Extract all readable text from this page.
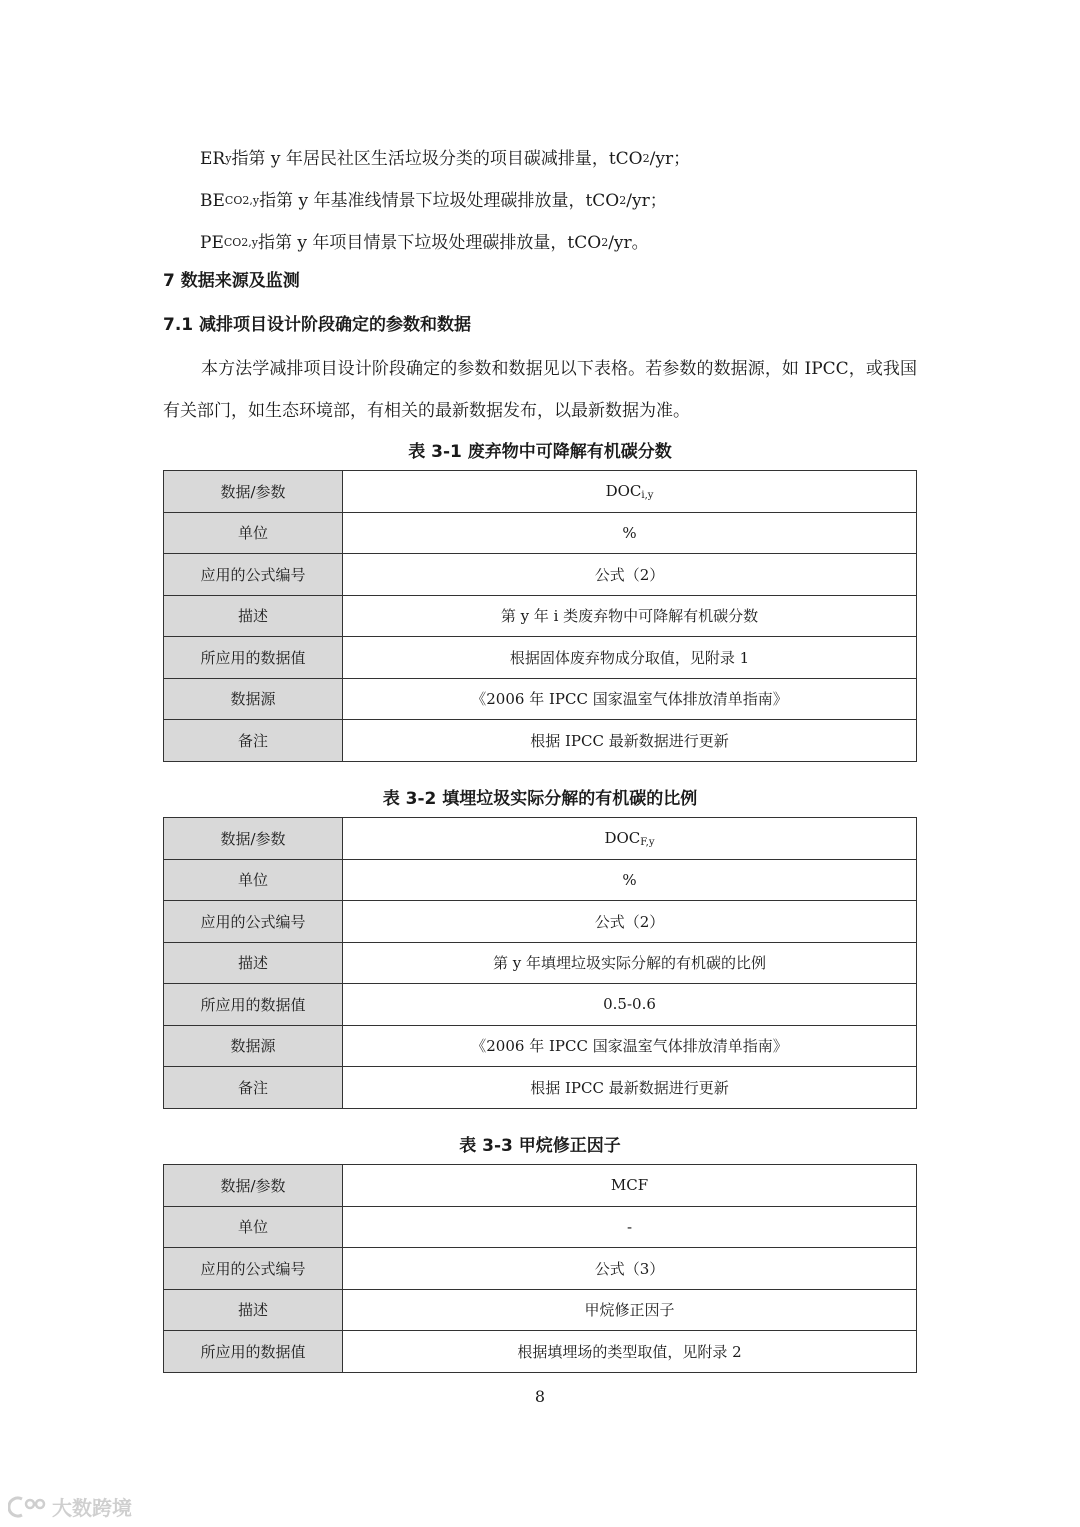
ER y 指第 y 年居民社区生活垃圾分类的项目碳减排量，tCO 2 /yr；
BE CO2,y 指第 y 年基准线情景下垃圾处理碳排放量，tCO 2 /yr；
PE CO2,y 指第 y 年项目情景下垃圾处理碳排放量，tCO 2 /yr。
7 数据来源及监测
7.1 减排项目设计阶段确定的参数和数据
本方法学减排项目设计阶段确定的参数和数据见以下表格。若参数的数据源，如 IPCC，或我国有关部门，如生态环境部，有相关的最新数据发布，以最新数据为准。
表 3-1 废弃物中可降解有机碳分数
数据/参数	$DOC_{i,y}$
单位	%
应用的公式编号	公式（2）
描述	第 y 年 i 类废弃物中可降解有机碳分数
所应用的数据值	根据固体废弃物成分取值，见附录 1
数据源	《2006 年 IPCC 国家温室气体排放清单指南》
备注	根据 IPCC 最新数据进行更新
表 3-2 填埋垃圾实际分解的有机碳的比例
数据/参数	$DOC_{F,y}$
单位	%
应用的公式编号	公式（2）
描述	第 y 年填埋垃圾实际分解的有机碳的比例
所应用的数据值	0.5-0.6
数据源	《2006 年 IPCC 国家温室气体排放清单指南》
备注	根据 IPCC 最新数据进行更新
表 3-3 甲烷修正因子
数据/参数	MCF
单位	-
应用的公式编号	公式（3）
描述	甲烷修正因子
所应用的数据值	根据填埋场的类型取值，见附录 2
8
大数跨境
